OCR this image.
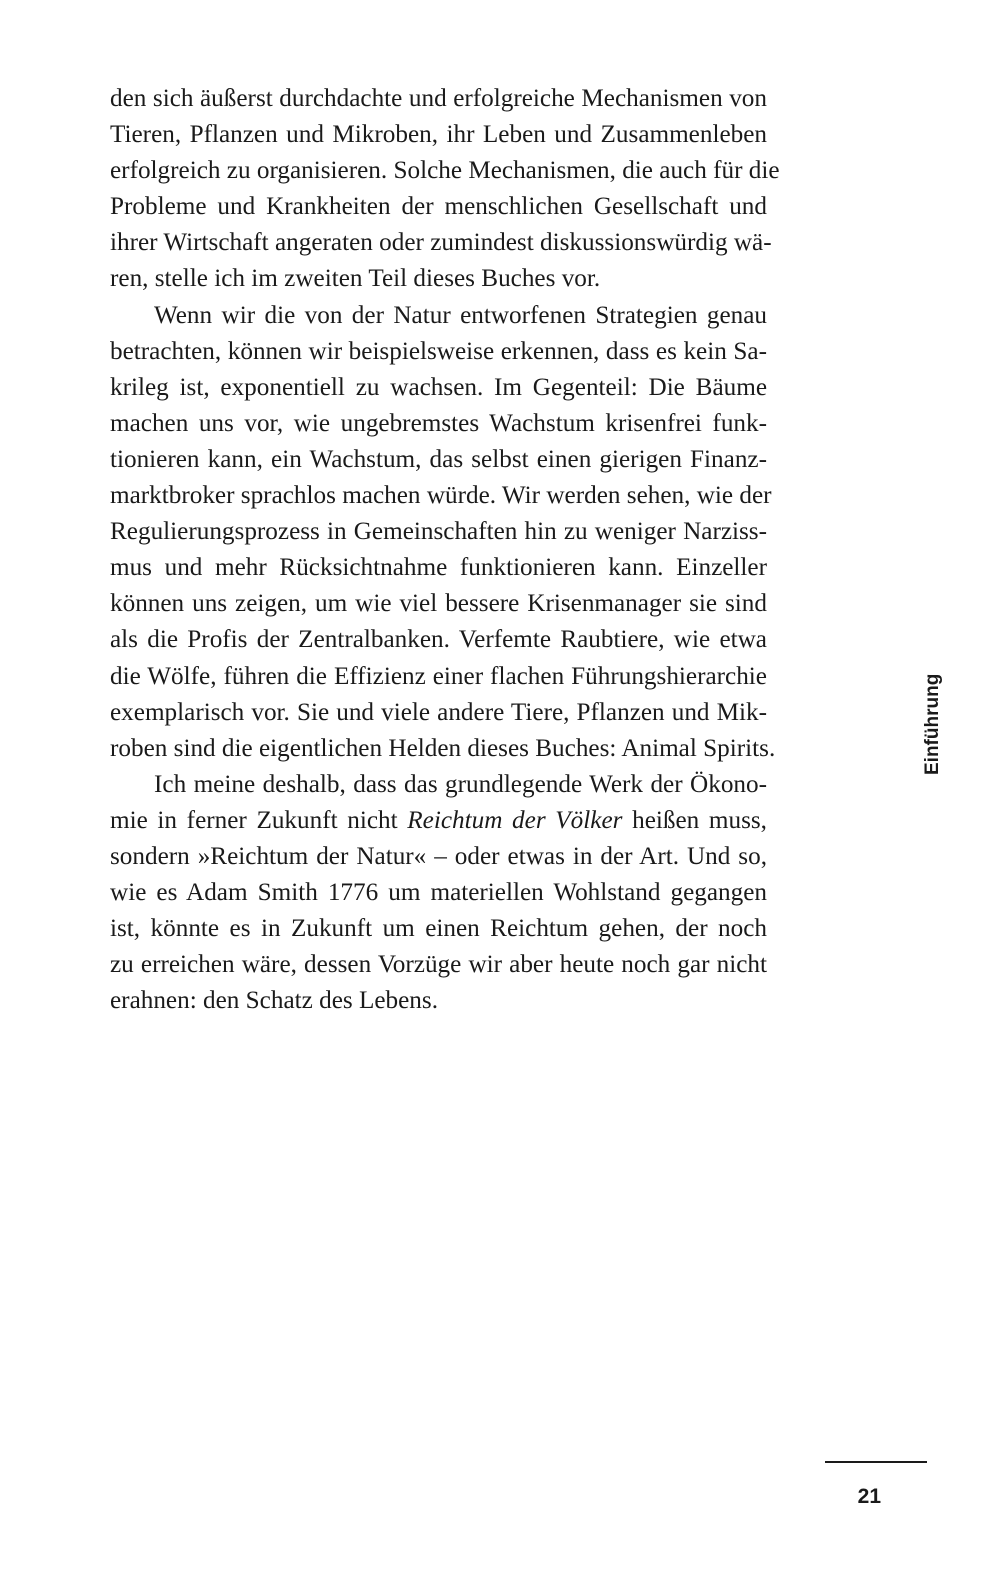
den sich äußerst durchdachte und erfolgreiche Mechanismen von
Tieren, Pflanzen und Mikroben, ihr Leben und Zusammenleben
erfolgreich zu organisieren. Solche Mechanismen, die auch für die
Probleme und Krankheiten der menschlichen Gesellschaft und
ihrer Wirtschaft angeraten oder zumindest diskussionswürdig wä-
ren, stelle ich im zweiten Teil dieses Buches vor.
Wenn wir die von der Natur entworfenen Strategien genau
betrachten, können wir beispielsweise erkennen, dass es kein Sa-
krileg ist, exponentiell zu wachsen. Im Gegenteil: Die Bäume
machen uns vor, wie ungebremstes Wachstum krisenfrei funk-
tionieren kann, ein Wachstum, das selbst einen gierigen Finanz-
marktbroker sprachlos machen würde. Wir werden sehen, wie der
Regulierungsprozess in Gemeinschaften hin zu weniger Narziss-
mus und mehr Rücksichtnahme funktionieren kann. Einzeller
können uns zeigen, um wie viel bessere Krisenmanager sie sind
als die Profis der Zentralbanken. Verfemte Raubtiere, wie etwa
die Wölfe, führen die Effizienz einer flachen Führungshierarchie
exemplarisch vor. Sie und viele andere Tiere, Pflanzen und Mik-
roben sind die eigentlichen Helden dieses Buches: Animal Spirits.
Ich meine deshalb, dass das grundlegende Werk der Ökono-
mie in ferner Zukunft nicht Reichtum der Völker heißen muss,
sondern »Reichtum der Natur« – oder etwas in der Art. Und so,
wie es Adam Smith 1776 um materiellen Wohlstand gegangen
ist, könnte es in Zukunft um einen Reichtum gehen, der noch
zu erreichen wäre, dessen Vorzüge wir aber heute noch gar nicht
erahnen: den Schatz des Lebens.
Einführung
21
